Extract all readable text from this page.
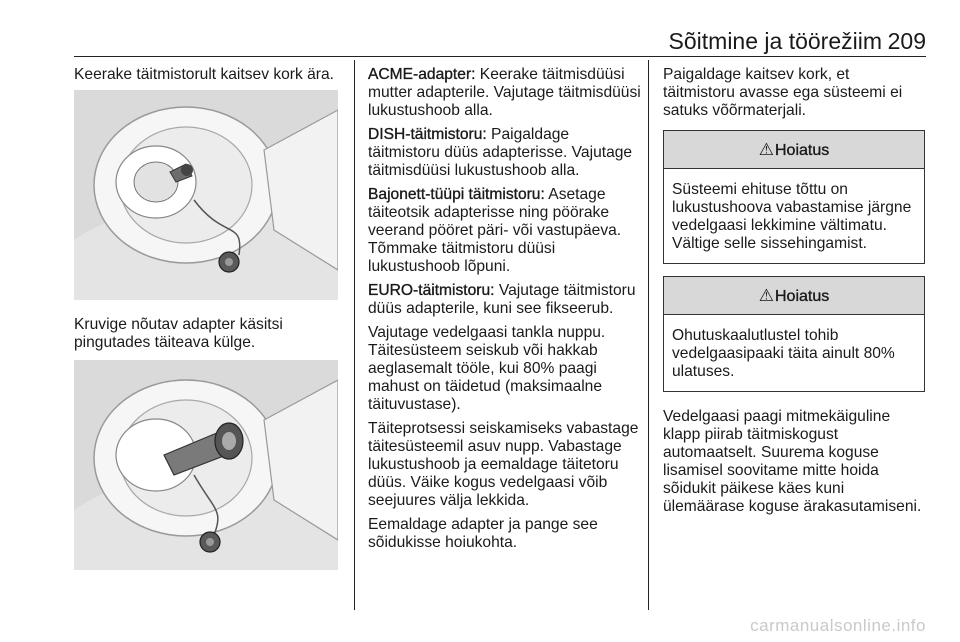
Sõitmine ja töörežiim 209

Keerake täitmistorult kaitsev kork ära.

Kruvige nõutav adapter käsitsi pingutades täiteava külge.

ACME-adapter: Keerake täitmisdüüsi mutter adapterile. Vajutage täitmisdüüsi lukustushoob alla.

DISH-täitmistoru: Paigaldage täitmistoru düüs adapterisse. Vajutage täitmisdüüsi lukustushoob alla.

Bajonett-tüüpi täitmistoru: Asetage täiteotsik adapterisse ning pöörake veerand pööret päri- või vastupäeva. Tõmmake täitmistoru düüsi lukustushoob lõpuni.

EURO-täitmistoru: Vajutage täitmistoru düüs adapterile, kuni see fikseerub.

Vajutage vedelgaasi tankla nuppu. Täitesüsteem seiskub või hakkab aeglasemalt tööle, kui 80% paagi mahust on täidetud (maksimaalne täituvustase).

Täiteprotsessi seiskamiseks vabastage täitesüsteemil asuv nupp. Vabastage lukustushoob ja eemaldage täitetoru düüs. Väike kogus vedelgaasi võib seejuures välja lekkida.

Eemaldage adapter ja pange see sõidukisse hoiukohta.

Paigaldage kaitsev kork, et täitmistoru avasse ega süsteemi ei satuks võõrmaterjali.

⚠Hoiatus
Süsteemi ehituse tõttu on lukustushoova vabastamise järgne vedelgaasi lekkimine vältimatu. Vältige selle sissehingamist.
⚠Hoiatus
Ohutuskaalutlustel tohib vedelgaasipaaki täita ainult 80% ulatuses.

Vedelgaasi paagi mitmekäiguline klapp piirab täitmiskogust automaatselt. Suurema koguse lisamisel soovitame mitte hoida sõidukit päikese käes kuni ülemäärase koguse ärakasutamiseni.

carmanualsonline.info
